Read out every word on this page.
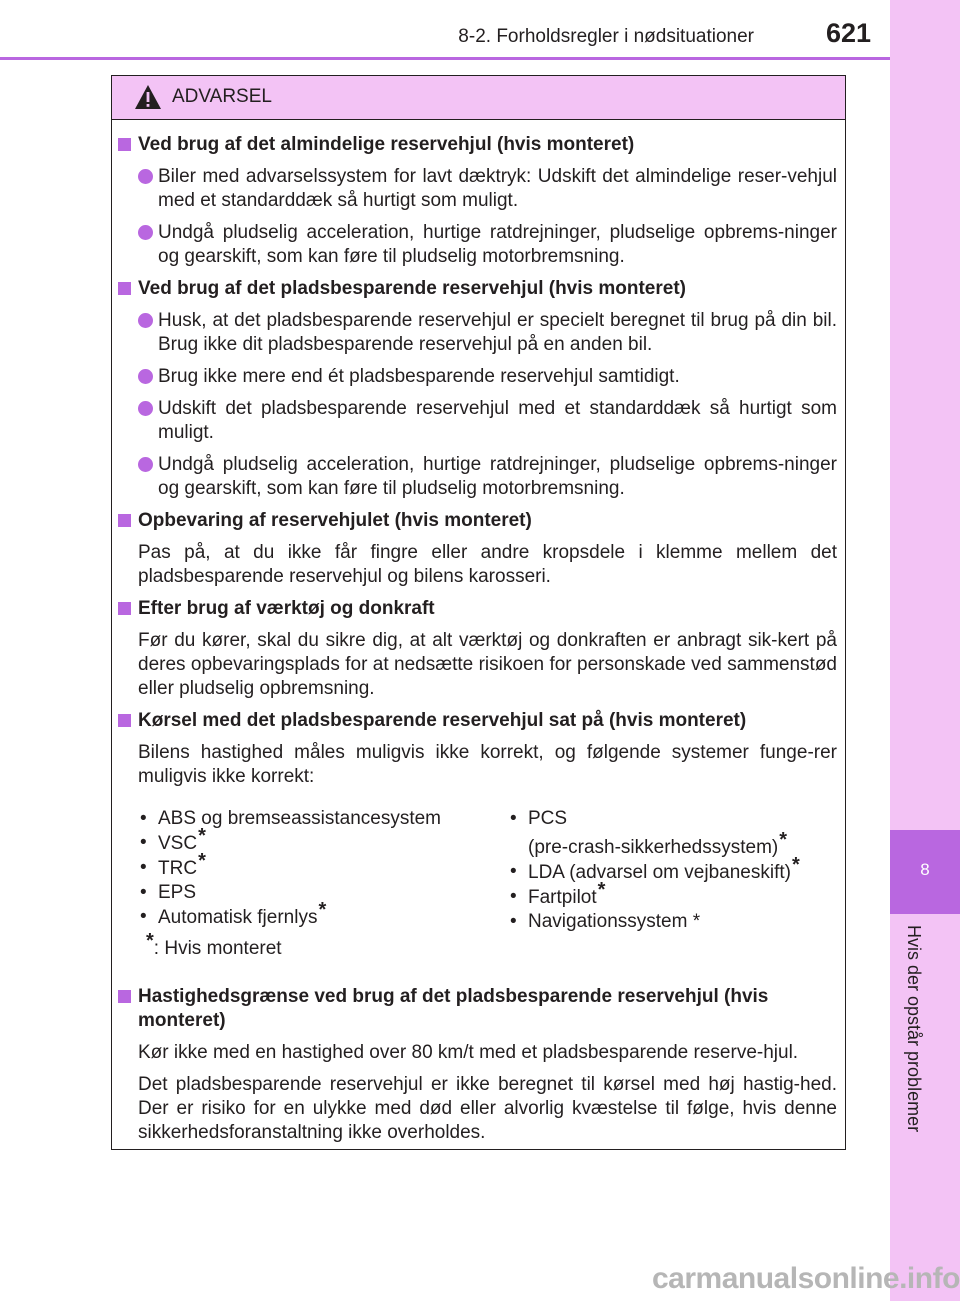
8-2. Forholdsregler i nødsituationer	621
8
Hvis der opstår problemer
ADVARSEL
Ved brug af det almindelige reservehjul (hvis monteret)
Biler med advarselssystem for lavt dæktryk: Udskift det almindelige reser-vehjul med et standarddæk så hurtigt som muligt.
Undgå pludselig acceleration, hurtige ratdrejninger, pludselige opbrems-ninger og gearskift, som kan føre til pludselig motorbremsning.
Ved brug af det pladsbesparende reservehjul (hvis monteret)
Husk, at det pladsbesparende reservehjul er specielt beregnet til brug på din bil. Brug ikke dit pladsbesparende reservehjul på en anden bil.
Brug ikke mere end ét pladsbesparende reservehjul samtidigt.
Udskift det pladsbesparende reservehjul med et standarddæk så hurtigt som muligt.
Undgå pludselig acceleration, hurtige ratdrejninger, pludselige opbrems-ninger og gearskift, som kan føre til pludselig motorbremsning.
Opbevaring af reservehjulet (hvis monteret)
Pas på, at du ikke får fingre eller andre kropsdele i klemme mellem det pladsbesparende reservehjul og bilens karosseri.
Efter brug af værktøj og donkraft
Før du kører, skal du sikre dig, at alt værktøj og donkraften er anbragt sik-kert på deres opbevaringsplads for at nedsætte risikoen for personskade ved sammenstød eller pludselig opbremsning.
Kørsel med det pladsbesparende reservehjul sat på (hvis monteret)
Bilens hastighed måles muligvis ikke korrekt, og følgende systemer funge-rer muligvis ikke korrekt:
• ABS og bremseassistancesystem
• VSC*
• TRC*
• EPS
• Automatisk fjernlys*
*: Hvis monteret
• PCS
(pre-crash-sikkerhedssystem)*
• LDA (advarsel om vejbaneskift)*
• Fartpilot*
• Navigationssystem *
Hastighedsgrænse ved brug af det pladsbesparende reservehjul (hvis monteret)
Kør ikke med en hastighed over 80 km/t med et pladsbesparende reserve-hjul.
Det pladsbesparende reservehjul er ikke beregnet til kørsel med høj hastig-hed. Der er risiko for en ulykke med død eller alvorlig kvæstelse til følge, hvis denne sikkerhedsforanstaltning ikke overholdes.
carmanualsonline.info
